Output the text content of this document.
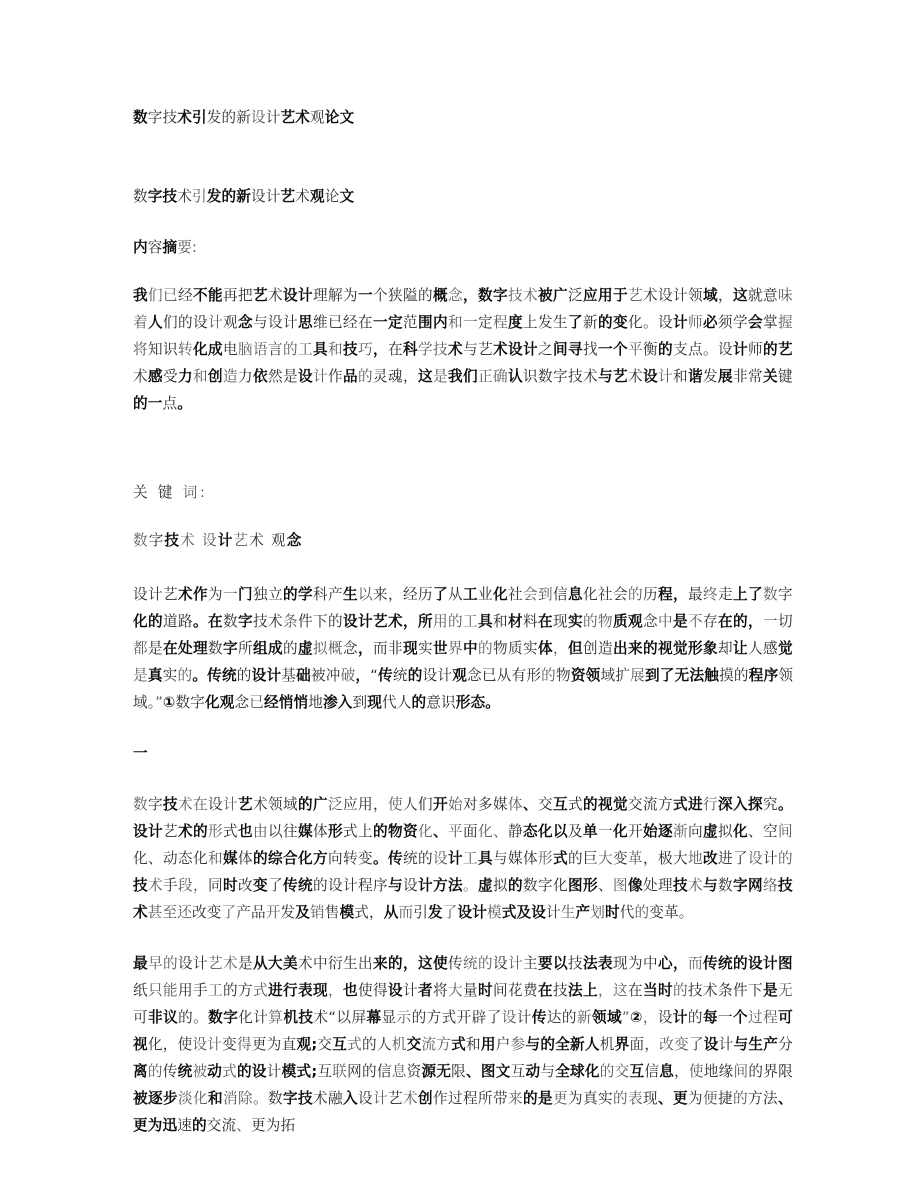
数字技术引发的新设计艺术观论文

数字技术引发的新设计艺术观论文

内容摘要:

我们已经不能再把艺术设计理解为一个狭隘的概念，数字技术被广泛应用于艺术设计领域，这就意味着人们的设计观念与设计思维已经在一定范围内和一定程度上发生了新的变化。设计师必须学会掌握将知识转化成电脑语言的工具和技巧，在科学技术与艺术设计之间寻找一个平衡的支点。设计师的艺术感受力和创造力依然是设计作品的灵魂，这是我们正确认识数字技术与艺术设计和谐发展非常关键的一点。

关 键 词:

数字技术 设计艺术 观念

设计艺术作为一门独立的学科产生以来，经历了从工业化社会到信息化社会的历程，最终走上了数字化的道路。在数字技术条件下的设计艺术，所用的工具和材料在现实的物质观念中是不存在的，一切都是在处理数字所组成的虚拟概念，而非现实世界中的物质实体，但创造出来的视觉形象却让人感觉是真实的。传统的设计基础被冲破，“传统的设计观念已从有形的物资领域扩展到了无法触摸的程序领域。”①数字化观念已经悄悄地渗入到现代人的意识形态。

一

数字技术在设计艺术领域的广泛应用，使人们开始对多媒体、交互式的视觉交流方式进行深入探究。设计艺术的形式也由以往媒体形式上的物资化、平面化、静态化以及单一化开始逐渐向虚拟化、空间化、动态化和媒体的综合化方向转变。传统的设计工具与媒体形式的巨大变革，极大地改进了设计的技术手段，同时改变了传统的设计程序与设计方法。虚拟的数字化图形、图像处理技术与数字网络技术甚至还改变了产品开发及销售模式，从而引发了设计模式及设计生产划时代的变革。

最早的设计艺术是从大美术中衍生出来的，这使传统的设计主要以技法表现为中心，而传统的设计图纸只能用手工的方式进行表现，也使得设计者将大量时间花费在技法上，这在当时的技术条件下是无可非议的。数字化计算机技术“以屏幕显示的方式开辟了设计传达的新领域”②，设计的每一个过程可视化，使设计变得更为直观;交互式的人机交流方式和用户参与的全新人机界面，改变了设计与生产分离的传统被动式的设计模式;互联网的信息资源无限、图文互动与全球化的交互信息，使地缘间的界限被逐步淡化和消除。数字技术融入设计艺术创作过程所带来的是更为真实的表现、更为便捷的方法、更为迅速的交流、更为拓
